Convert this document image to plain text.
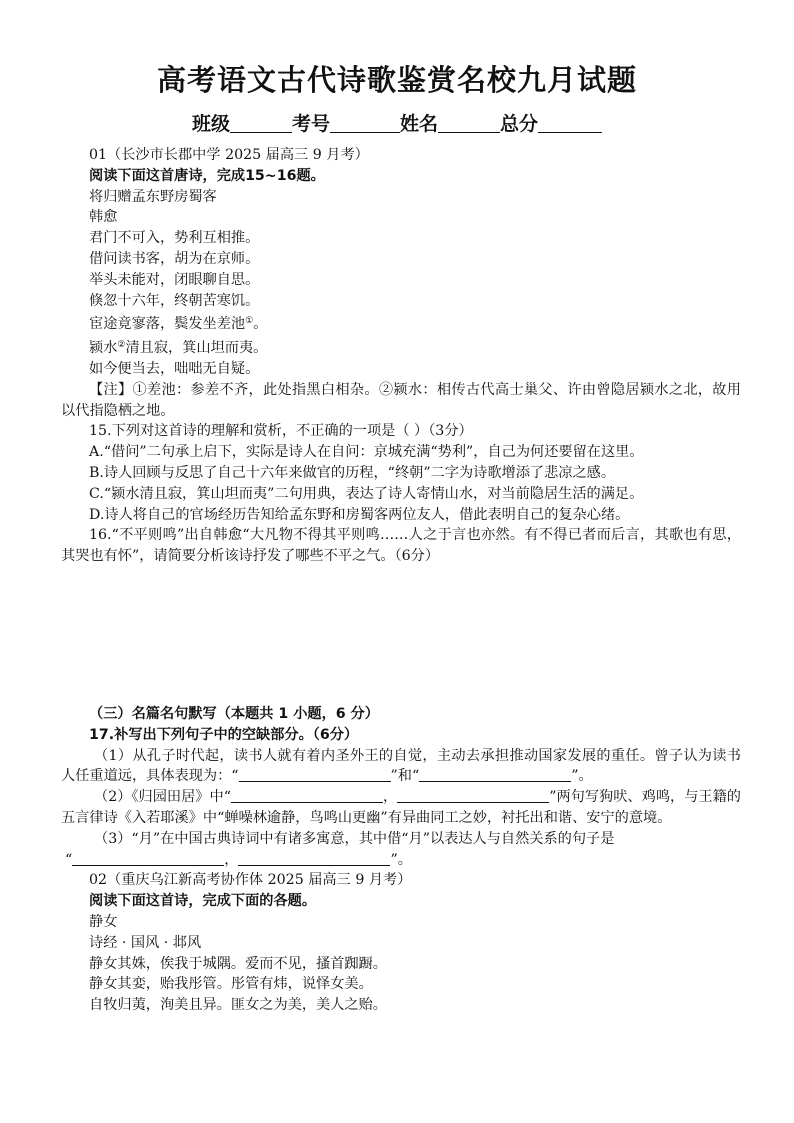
高考语文古代诗歌鉴赏名校九月试题
班级	考号	姓名	总分
01（长沙市长郡中学 2025 届高三 9 月考）
阅读下面这首唐诗，完成15~16题。
将归赠孟东野房蜀客
韩愈
君门不可入，势利互相推。
借问读书客，胡为在京师。
举头未能对，闭眼聊自思。
倏忽十六年，终朝苦寒饥。
宦途竟寥落，鬓发坐差池①。
颍水②清且寂，箕山坦而夷。
如今便当去，咄咄无自疑。
【注】①差池：参差不齐，此处指黑白相杂。②颍水：相传古代高士巢父、许由曾隐居颍水之北，故用以代指隐栖之地。
15.下列对这首诗的理解和赏析，不正确的一项是（ ）（3分）
A.“借问”二句承上启下，实际是诗人在自问：京城充满“势利”，自己为何还要留在这里。
B.诗人回顾与反思了自己十六年来做官的历程，“终朝”二字为诗歌增添了悲凉之感。
C.“颍水清且寂，箕山坦而夷”二句用典，表达了诗人寄情山水，对当前隐居生活的满足。
D.诗人将自己的官场经历告知给孟东野和房蜀客两位友人，借此表明自己的复杂心绪。
16.“不平则鸣”出自韩愈“大凡物不得其平则鸣……人之于言也亦然。有不得已者而后言，其歌也有思，其哭也有怀”，请简要分析该诗抒发了哪些不平之气。（6分）
（三）名篇名句默写（本题共 1 小题，6 分）
17.补写出下列句子中的空缺部分。（6分）
（1）从孔子时代起，读书人就有着内圣外王的自觉，主动去承担推动国家发展的重任。曾子认为读书人任重道远，具体表现为：“	”和“	”。
（2）《归园田居》中“	，	”两句写狗吠、鸡鸣，与王籍的五言律诗《入若耶溪》中“蝉噪林逾静，鸟鸣山更幽”有异曲同工之妙，衬托出和谐、安宁的意境。
（3）“月”在中国古典诗词中有诸多寓意，其中借“月”以表达人与自然关系的句子是
“	，	”。
02（重庆乌江新高考协作体 2025 届高三 9 月考）
阅读下面这首诗，完成下面的各题。
静女
诗经 · 国风 · 邶风
静女其姝，俟我于城隅。爱而不见，搔首踟蹰。
静女其娈，贻我彤管。彤管有炜，说怿女美。
自牧归荑，洵美且异。匪女之为美，美人之贻。
